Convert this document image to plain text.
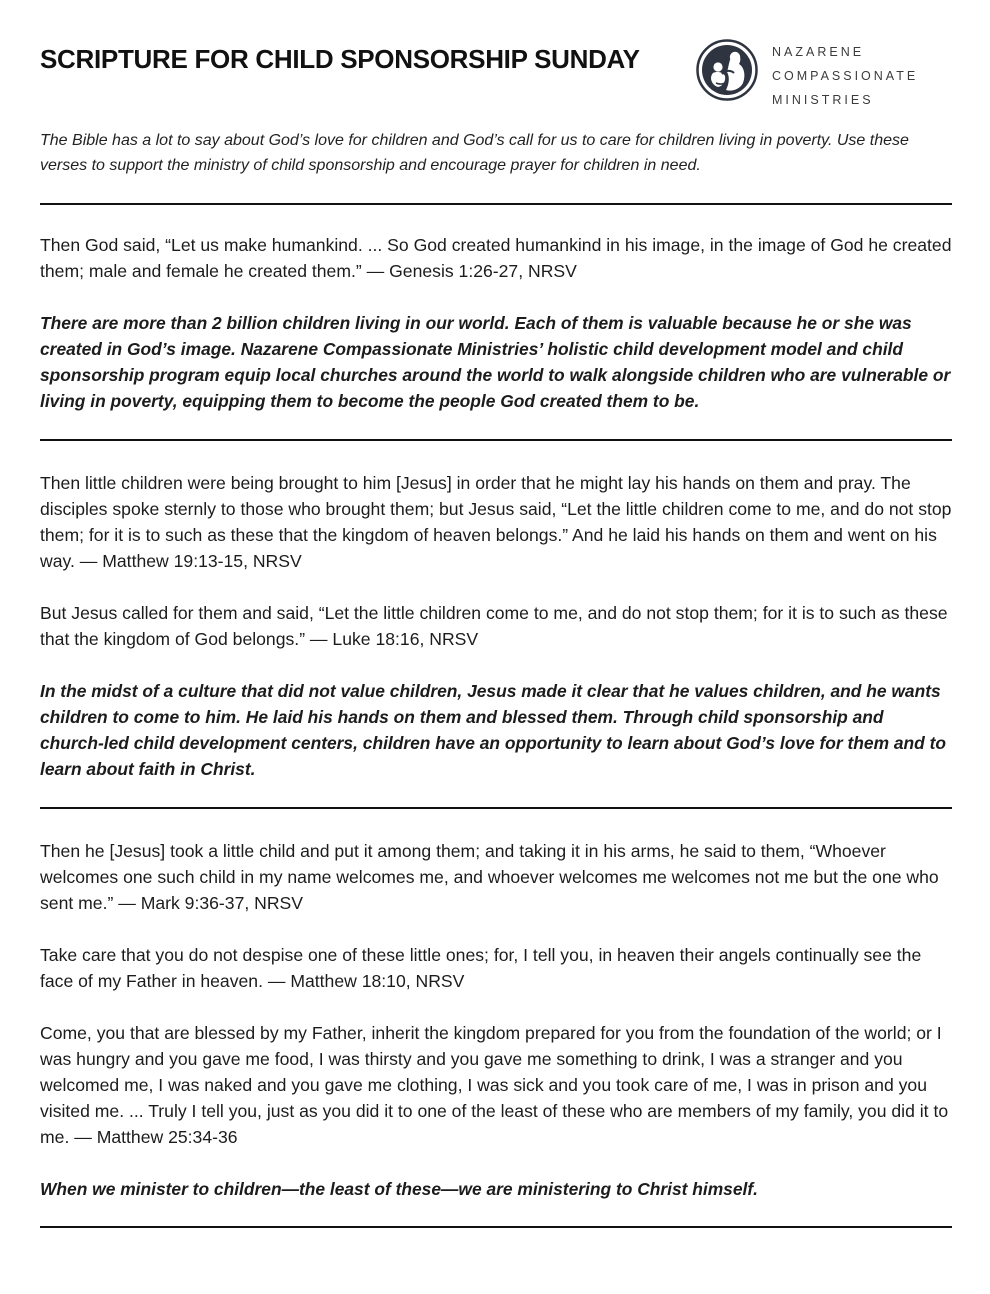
SCRIPTURE FOR CHILD SPONSORSHIP SUNDAY	NAZARENE
COMPASSIONATE
MINISTRIES

The Bible has a lot to say about God’s love for children and God’s call for us to care for children living in poverty. Use these verses to support the ministry of child sponsorship and encourage prayer for children in need.

Then God said, “Let us make humankind. ... So God created humankind in his image, in the image of God he created them; male and female he created them.” — Genesis 1:26-27, NRSV

There are more than 2 billion children living in our world. Each of them is valuable because he or she was created in God’s image. Nazarene Compassionate Ministries’ holistic child development model and child sponsorship program equip local churches around the world to walk alongside children who are vulnerable or living in poverty, equipping them to become the people God created them to be.

Then little children were being brought to him [Jesus] in order that he might lay his hands on them and pray. The disciples spoke sternly to those who brought them; but Jesus said, “Let the little children come to me, and do not stop them; for it is to such as these that the kingdom of heaven belongs.” And he laid his hands on them and went on his way. — Matthew 19:13-15, NRSV

But Jesus called for them and said, “Let the little children come to me, and do not stop them; for it is to such as these that the kingdom of God belongs.” — Luke 18:16, NRSV

In the midst of a culture that did not value children, Jesus made it clear that he values children, and he wants children to come to him. He laid his hands on them and blessed them. Through child sponsorship and church-led child development centers, children have an opportunity to learn about God’s love for them and to learn about faith in Christ.

Then he [Jesus] took a little child and put it among them; and taking it in his arms, he said to them, “Whoever welcomes one such child in my name welcomes me, and whoever welcomes me welcomes not me but the one who sent me.” — Mark 9:36-37, NRSV

Take care that you do not despise one of these little ones; for, I tell you, in heaven their angels continually see the face of my Father in heaven. — Matthew 18:10, NRSV

Come, you that are blessed by my Father, inherit the kingdom prepared for you from the foundation of the world; or I was hungry and you gave me food, I was thirsty and you gave me something to drink, I was a stranger and you welcomed me, I was naked and you gave me clothing, I was sick and you took care of me, I was in prison and you visited me. ... Truly I tell you, just as you did it to one of the least of these who are members of my family, you did it to me. — Matthew 25:34-36

When we minister to children—the least of these—we are ministering to Christ himself.
